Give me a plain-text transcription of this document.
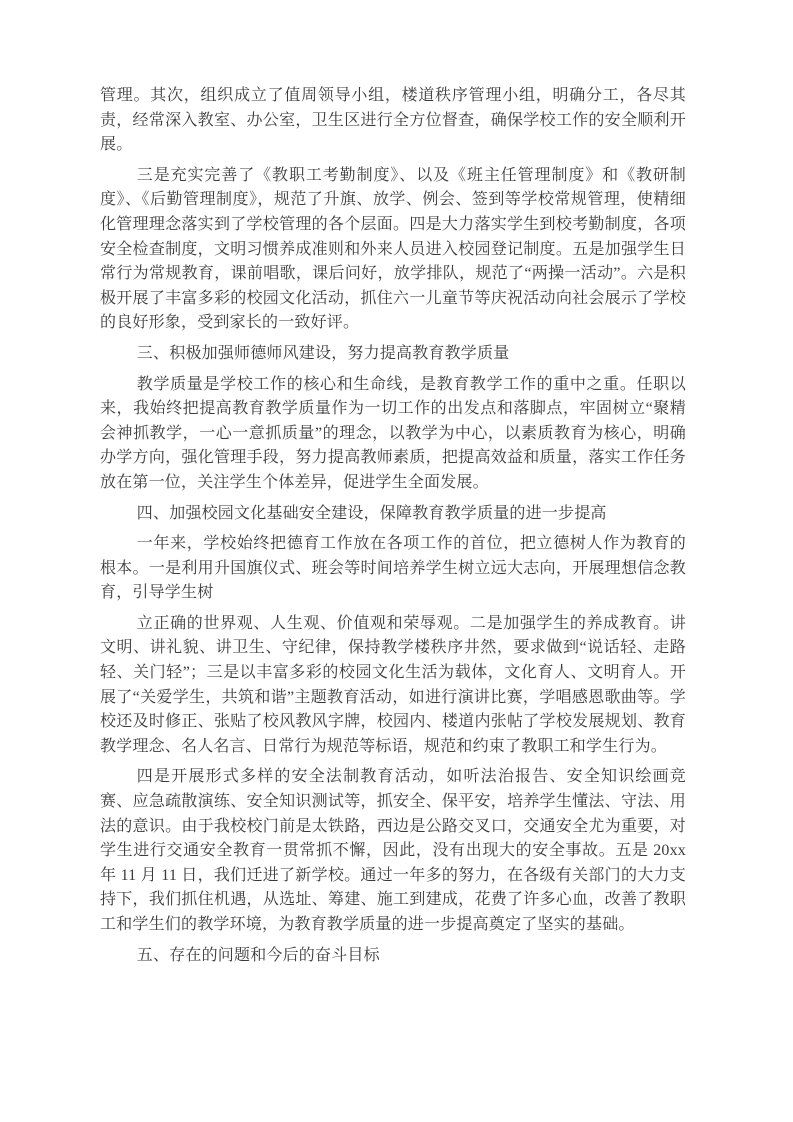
管理。其次，组织成立了值周领导小组，楼道秩序管理小组，明确分工，各尽其责，经常深入教室、办公室，卫生区进行全方位督查，确保学校工作的安全顺利开展。

三是充实完善了《教职工考勤制度》、以及《班主任管理制度》和《教研制度》、《后勤管理制度》，规范了升旗、放学、例会、签到等学校常规管理，使精细化管理理念落实到了学校管理的各个层面。四是大力落实学生到校考勤制度，各项安全检查制度，文明习惯养成准则和外来人员进入校园登记制度。五是加强学生日常行为常规教育，课前唱歌，课后问好，放学排队，规范了“两操一活动”。六是积极开展了丰富多彩的校园文化活动，抓住六一儿童节等庆祝活动向社会展示了学校的良好形象，受到家长的一致好评。

三、积极加强师德师风建设，努力提高教育教学质量

教学质量是学校工作的核心和生命线，是教育教学工作的重中之重。任职以来，我始终把提高教育教学质量作为一切工作的出发点和落脚点，牢固树立“聚精会神抓教学，一心一意抓质量”的理念，以教学为中心，以素质教育为核心，明确办学方向，强化管理手段，努力提高教师素质，把提高效益和质量，落实工作任务放在第一位，关注学生个体差异，促进学生全面发展。

四、加强校园文化基础安全建设，保障教育教学质量的进一步提高

一年来，学校始终把德育工作放在各项工作的首位，把立德树人作为教育的根本。一是利用升国旗仪式、班会等时间培养学生树立远大志向，开展理想信念教育，引导学生树

立正确的世界观、人生观、价值观和荣辱观。二是加强学生的养成教育。讲文明、讲礼貌、讲卫生、守纪律，保持教学楼秩序井然，要求做到“说话轻、走路轻、关门轻”；三是以丰富多彩的校园文化生活为载体，文化育人、文明育人。开展了“关爱学生，共筑和谐”主题教育活动，如进行演讲比赛，学唱感恩歌曲等。学校还及时修正、张贴了校风教风字牌，校园内、楼道内张帖了学校发展规划、教育教学理念、名人名言、日常行为规范等标语，规范和约束了教职工和学生行为。

四是开展形式多样的安全法制教育活动，如听法治报告、安全知识绘画竞赛、应急疏散演练、安全知识测试等，抓安全、保平安，培养学生懂法、守法、用法的意识。由于我校校门前是太铁路，西边是公路交叉口，交通安全尤为重要，对学生进行交通安全教育一贯常抓不懈，因此，没有出现大的安全事故。五是 20xx 年 11 月 11 日，我们迁进了新学校。通过一年多的努力，在各级有关部门的大力支持下，我们抓住机遇，从选址、筹建、施工到建成，花费了许多心血，改善了教职工和学生们的教学环境，为教育教学质量的进一步提高奠定了坚实的基础。

五、存在的问题和今后的奋斗目标
